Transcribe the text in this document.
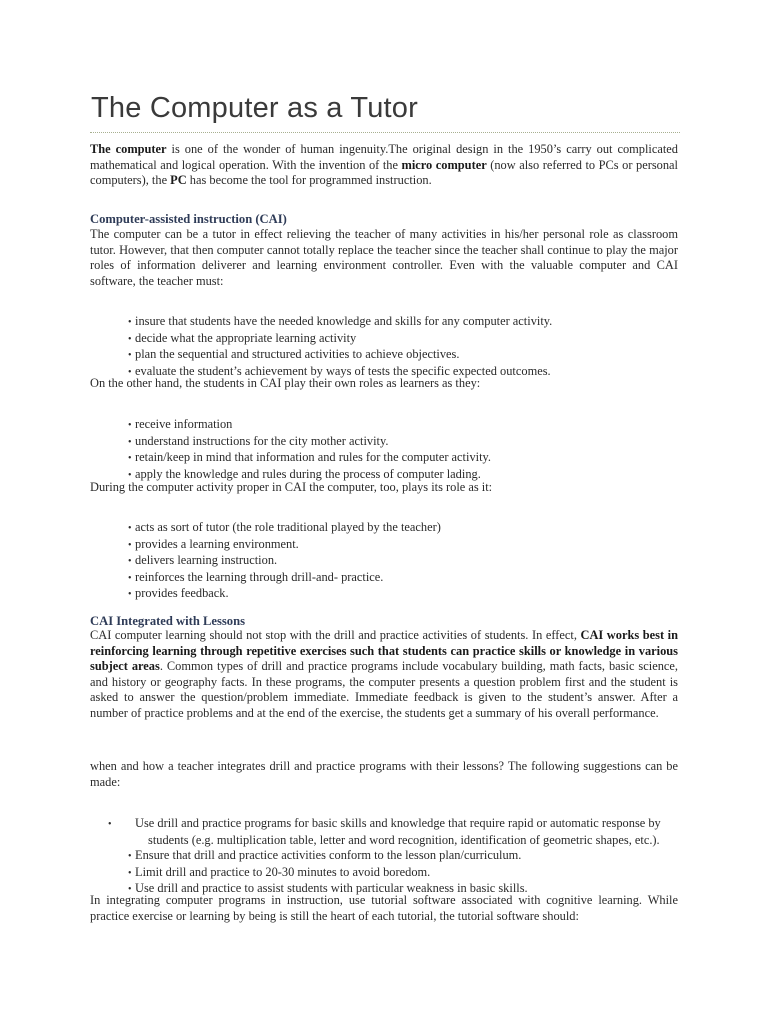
The Computer as a Tutor

The computer is one of the wonder of human ingenuity.The original design in the 1950’s carry out complicated mathematical and logical operation. With the invention of the micro computer (now also referred to PCs or personal computers), the PC has become the tool for programmed instruction.

Computer-assisted instruction (CAI)

The computer can be a tutor in effect relieving the teacher of many activities in his/her personal role as classroom tutor. However, that then computer cannot totally replace the teacher since the teacher shall continue to play the major roles of information deliverer and learning environment controller. Even with the valuable computer and CAI software, the teacher must:

• insure that students have the needed knowledge and skills for any computer activity.
• decide what the appropriate learning activity
• plan the sequential and structured activities to achieve objectives.
• evaluate the student’s achievement by ways of tests the specific expected outcomes.

On the other hand, the students in CAI play their own roles as learners as they:

• receive information
• understand instructions for the city mother activity.
• retain/keep in mind that information and rules for the computer activity.
• apply the knowledge and rules during the process of computer lading.

During the computer activity proper in CAI the computer, too, plays its role as it:

• acts as sort of tutor (the role traditional played by the teacher)
• provides a learning environment.
• delivers learning instruction.
• reinforces the learning through drill-and- practice.
• provides feedback.
CAI Integrated with Lessons

CAI computer learning should not stop with the drill and practice activities of students. In effect, CAI works best in reinforcing learning through repetitive exercises such that students can practice skills or knowledge in various subject areas. Common types of drill and practice programs include vocabulary building, math facts, basic science, and history or geography facts. In these programs, the computer presents a question problem first and the student is asked to answer the question/problem immediate. Immediate feedback is given to the student’s answer. After a number of practice problems and at the end of the exercise, the students get a summary of his overall performance.

when and how a teacher integrates drill and practice programs with their lessons? The following suggestions can be made:

• Use drill and practice programs for basic skills and knowledge that require rapid or automatic response by students (e.g. multiplication table, letter and word recognition, identification of geometric shapes, etc.).
• Ensure that drill and practice activities conform to the lesson plan/curriculum.
• Limit drill and practice to 20-30 minutes to avoid boredom.
• Use drill and practice to assist students with particular weakness in basic skills.

In integrating computer programs in instruction, use tutorial software associated with cognitive learning. While practice exercise or learning by being is still the heart of each tutorial, the tutorial software should:
